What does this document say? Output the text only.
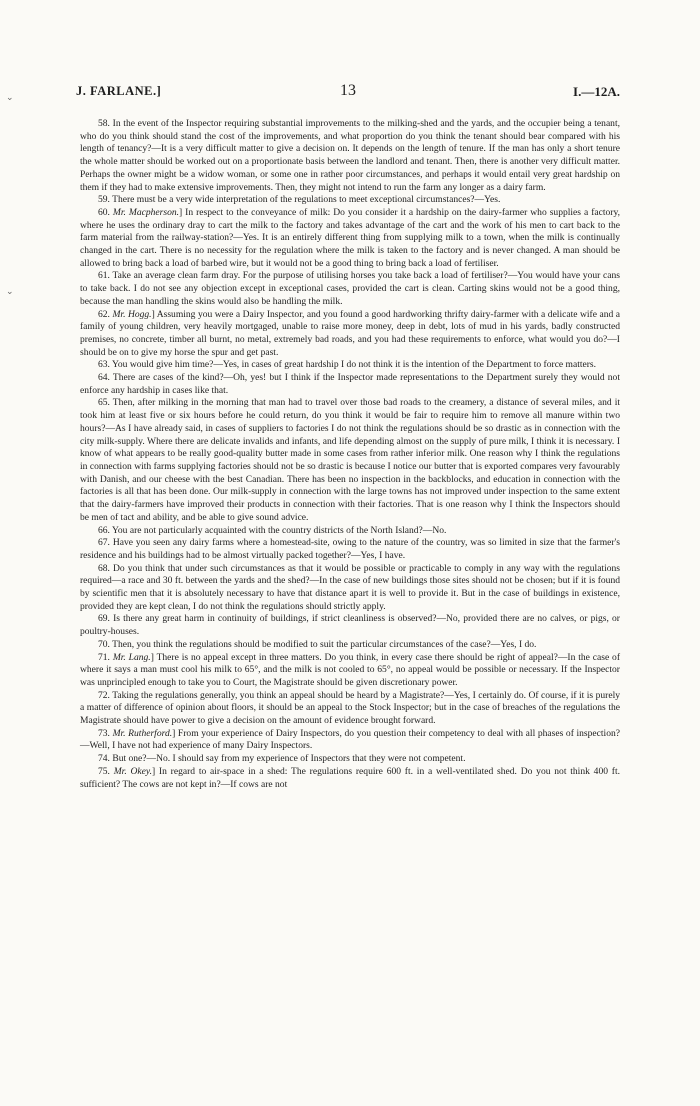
⌄
⌄
J. FARLANE.]	13	I.—12A.

58. In the event of the Inspector requiring substantial improvements to the milking-shed and the yards, and the occupier being a tenant, who do you think should stand the cost of the improvements, and what proportion do you think the tenant should bear compared with his length of tenancy?—It is a very difficult matter to give a decision on. It depends on the length of tenure. If the man has only a short tenure the whole matter should be worked out on a proportionate basis between the landlord and tenant. Then, there is another very difficult matter. Perhaps the owner might be a widow woman, or some one in rather poor circumstances, and perhaps it would entail very great hardship on them if they had to make extensive improvements. Then, they might not intend to run the farm any longer as a dairy farm.

59. There must be a very wide interpretation of the regulations to meet exceptional circumstances?—Yes.

60. Mr. Macpherson.] In respect to the conveyance of milk: Do you consider it a hardship on the dairy-farmer who supplies a factory, where he uses the ordinary dray to cart the milk to the factory and takes advantage of the cart and the work of his men to cart back to the farm material from the railway-station?—Yes. It is an entirely different thing from supplying milk to a town, when the milk is continually changed in the cart. There is no necessity for the regulation where the milk is taken to the factory and is never changed. A man should be allowed to bring back a load of barbed wire, but it would not be a good thing to bring back a load of fertiliser.

61. Take an average clean farm dray. For the purpose of utilising horses you take back a load of fertiliser?—You would have your cans to take back. I do not see any objection except in exceptional cases, provided the cart is clean. Carting skins would not be a good thing, because the man handling the skins would also be handling the milk.

62. Mr. Hogg.] Assuming you were a Dairy Inspector, and you found a good hardworking thrifty dairy-farmer with a delicate wife and a family of young children, very heavily mortgaged, unable to raise more money, deep in debt, lots of mud in his yards, badly constructed premises, no concrete, timber all burnt, no metal, extremely bad roads, and you had these requirements to enforce, what would you do?—I should be on to give my horse the spur and get past.

63. You would give him time?—Yes, in cases of great hardship I do not think it is the intention of the Department to force matters.

64. There are cases of the kind?—Oh, yes! but I think if the Inspector made representations to the Department surely they would not enforce any hardship in cases like that.

65. Then, after milking in the morning that man had to travel over those bad roads to the creamery, a distance of several miles, and it took him at least five or six hours before he could return, do you think it would be fair to require him to remove all manure within two hours?—As I have already said, in cases of suppliers to factories I do not think the regulations should be so drastic as in connection with the city milk-supply. Where there are delicate invalids and infants, and life depending almost on the supply of pure milk, I think it is necessary. I know of what appears to be really good-quality butter made in some cases from rather inferior milk. One reason why I think the regulations in connection with farms supplying factories should not be so drastic is because I notice our butter that is exported compares very favourably with Danish, and our cheese with the best Canadian. There has been no inspection in the backblocks, and education in connection with the factories is all that has been done. Our milk-supply in connection with the large towns has not improved under inspection to the same extent that the dairy-farmers have improved their products in connection with their factories. That is one reason why I think the Inspectors should be men of tact and ability, and be able to give sound advice.

66. You are not particularly acquainted with the country districts of the North Island?—No.

67. Have you seen any dairy farms where a homestead-site, owing to the nature of the country, was so limited in size that the farmer's residence and his buildings had to be almost virtually packed together?—Yes, I have.

68. Do you think that under such circumstances as that it would be possible or practicable to comply in any way with the regulations required—a race and 30 ft. between the yards and the shed?—In the case of new buildings those sites should not be chosen; but if it is found by scientific men that it is absolutely necessary to have that distance apart it is well to provide it. But in the case of buildings in existence, provided they are kept clean, I do not think the regulations should strictly apply.

69. Is there any great harm in continuity of buildings, if strict cleanliness is observed?—No, provided there are no calves, or pigs, or poultry-houses.

70. Then, you think the regulations should be modified to suit the particular circumstances of the case?—Yes, I do.

71. Mr. Lang.] There is no appeal except in three matters. Do you think, in every case there should be right of appeal?—In the case of where it says a man must cool his milk to 65°, and the milk is not cooled to 65°, no appeal would be possible or necessary. If the Inspector was unprincipled enough to take you to Court, the Magistrate should be given discretionary power.

72. Taking the regulations generally, you think an appeal should be heard by a Magistrate?—Yes, I certainly do. Of course, if it is purely a matter of difference of opinion about floors, it should be an appeal to the Stock Inspector; but in the case of breaches of the regulations the Magistrate should have power to give a decision on the amount of evidence brought forward.

73. Mr. Rutherford.] From your experience of Dairy Inspectors, do you question their competency to deal with all phases of inspection?—Well, I have not had experience of many Dairy Inspectors.

74. But one?—No. I should say from my experience of Inspectors that they were not competent.

75. Mr. Okey.] In regard to air-space in a shed: The regulations require 600 ft. in a well-ventilated shed. Do you not think 400 ft. sufficient? The cows are not kept in?—If cows are not
